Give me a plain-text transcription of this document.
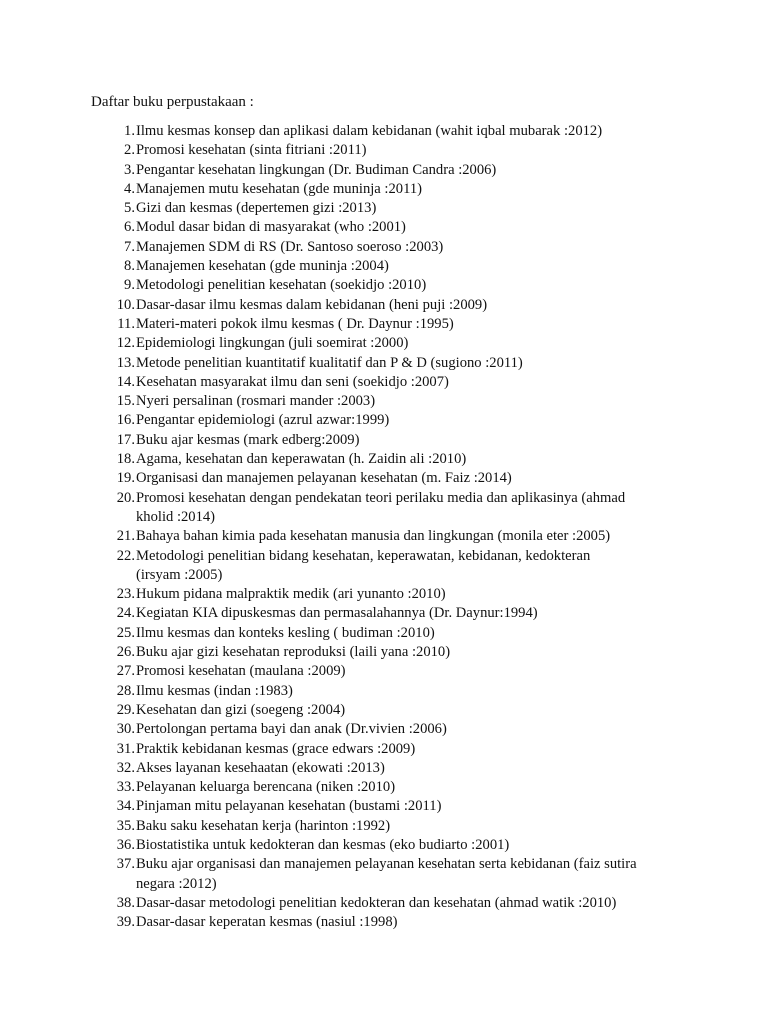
Daftar buku perpustakaan :
1. Ilmu kesmas konsep dan aplikasi dalam kebidanan (wahit iqbal mubarak :2012)
2. Promosi kesehatan (sinta fitriani :2011)
3. Pengantar kesehatan lingkungan (Dr. Budiman Candra :2006)
4. Manajemen mutu kesehatan (gde muninja :2011)
5. Gizi dan kesmas (depertemen gizi :2013)
6. Modul dasar bidan di masyarakat (who :2001)
7. Manajemen SDM di RS (Dr. Santoso soeroso :2003)
8. Manajemen kesehatan (gde muninja :2004)
9. Metodologi penelitian kesehatan (soekidjo :2010)
10. Dasar-dasar ilmu kesmas dalam kebidanan (heni puji :2009)
11. Materi-materi pokok ilmu kesmas ( Dr. Daynur :1995)
12. Epidemiologi lingkungan (juli soemirat :2000)
13. Metode penelitian kuantitatif kualitatif dan P & D (sugiono :2011)
14. Kesehatan masyarakat ilmu dan seni (soekidjo :2007)
15. Nyeri persalinan (rosmari mander :2003)
16. Pengantar epidemiologi (azrul azwar:1999)
17. Buku ajar kesmas (mark edberg:2009)
18. Agama, kesehatan dan keperawatan (h. Zaidin ali :2010)
19. Organisasi dan manajemen pelayanan kesehatan (m. Faiz :2014)
20. Promosi kesehatan dengan pendekatan teori perilaku media dan aplikasinya (ahmad
kholid :2014)
21. Bahaya bahan kimia pada kesehatan manusia dan lingkungan (monila eter :2005)
22. Metodologi penelitian bidang kesehatan, keperawatan, kebidanan, kedokteran
(irsyam :2005)
23. Hukum pidana malpraktik medik (ari yunanto :2010)
24. Kegiatan KIA dipuskesmas dan permasalahannya (Dr. Daynur:1994)
25. Ilmu kesmas dan konteks kesling ( budiman :2010)
26. Buku ajar gizi kesehatan reproduksi (laili yana :2010)
27. Promosi kesehatan (maulana :2009)
28. Ilmu kesmas (indan :1983)
29. Kesehatan dan gizi (soegeng :2004)
30. Pertolongan pertama bayi dan anak (Dr.vivien :2006)
31. Praktik kebidanan kesmas (grace edwars :2009)
32. Akses layanan kesehaatan (ekowati :2013)
33. Pelayanan keluarga berencana (niken :2010)
34. Pinjaman mitu pelayanan kesehatan (bustami :2011)
35. Baku saku kesehatan kerja (harinton :1992)
36. Biostatistika untuk kedokteran dan kesmas (eko budiarto :2001)
37. Buku ajar organisasi dan manajemen pelayanan kesehatan serta kebidanan (faiz sutira
negara :2012)
38. Dasar-dasar metodologi penelitian kedokteran dan kesehatan (ahmad watik :2010)
39. Dasar-dasar keperatan kesmas (nasiul :1998)
